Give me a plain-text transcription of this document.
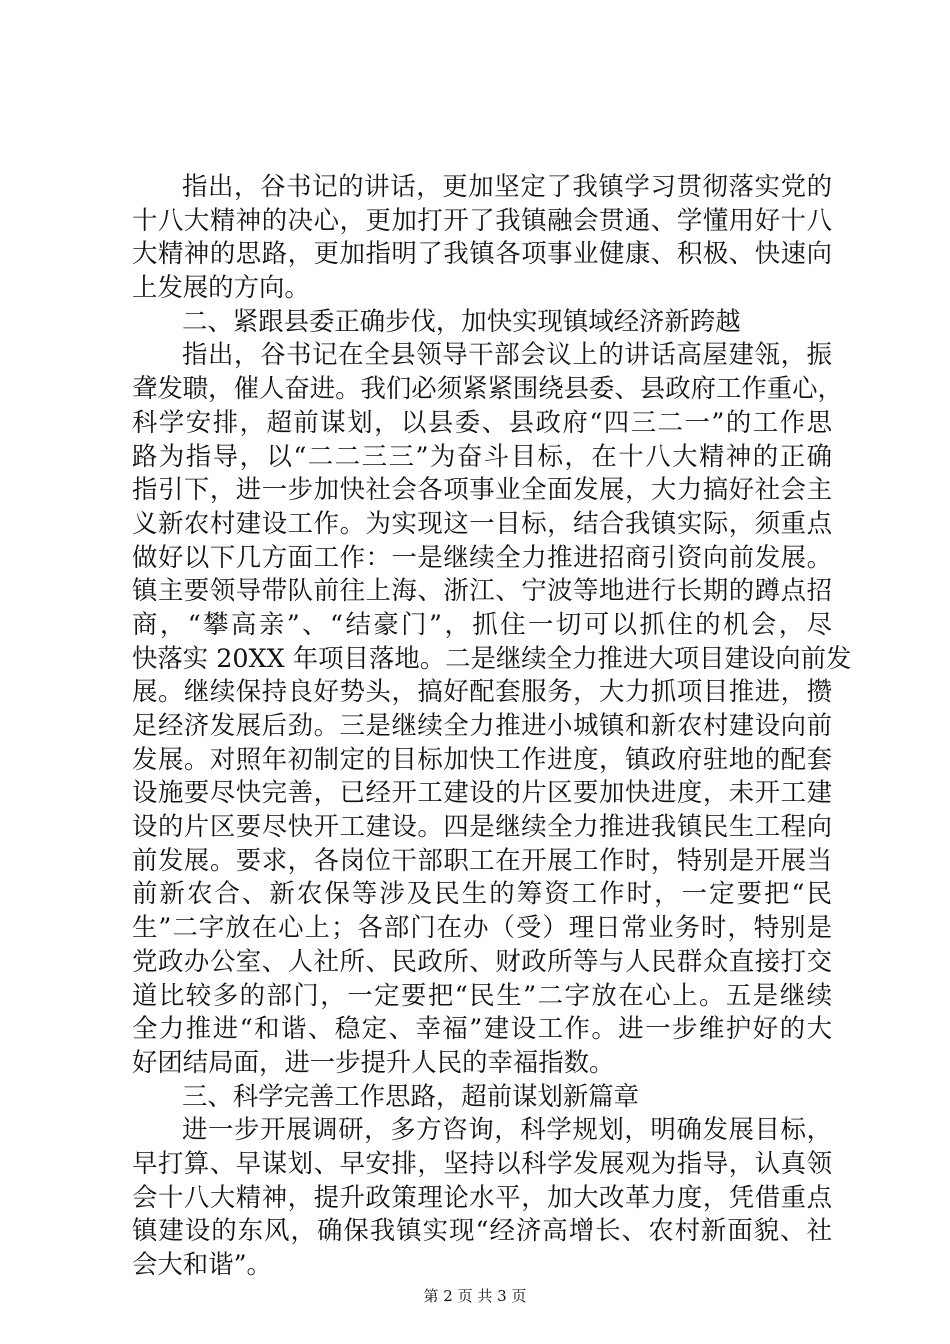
指出，谷书记的讲话，更加坚定了我镇学习贯彻落实党的
十八大精神的决心，更加打开了我镇融会贯通、学懂用好十八
大精神的思路，更加指明了我镇各项事业健康、积极、快速向
上发展的方向。
二、紧跟县委正确步伐，加快实现镇域经济新跨越
指出，谷书记在全县领导干部会议上的讲话高屋建瓴，振
聋发聩，催人奋进。我们必须紧紧围绕县委、县政府工作重心，
科学安排，超前谋划，以县委、县政府“四三二一”的工作思
路为指导，以“二二三三”为奋斗目标，在十八大精神的正确
指引下，进一步加快社会各项事业全面发展，大力搞好社会主
义新农村建设工作。为实现这一目标，结合我镇实际，须重点
做好以下几方面工作：一是继续全力推进招商引资向前发展。
镇主要领导带队前往上海、浙江、宁波等地进行长期的蹲点招
商，“攀高亲”、“结豪门”，抓住一切可以抓住的机会，尽
快落实 20XX 年项目落地。二是继续全力推进大项目建设向前发
展。继续保持良好势头，搞好配套服务，大力抓项目推进，攒
足经济发展后劲。三是继续全力推进小城镇和新农村建设向前
发展。对照年初制定的目标加快工作进度，镇政府驻地的配套
设施要尽快完善，已经开工建设的片区要加快进度，未开工建
设的片区要尽快开工建设。四是继续全力推进我镇民生工程向
前发展。要求，各岗位干部职工在开展工作时，特别是开展当
前新农合、新农保等涉及民生的筹资工作时，一定要把“民
生”二字放在心上；各部门在办（受）理日常业务时，特别是
党政办公室、人社所、民政所、财政所等与人民群众直接打交
道比较多的部门，一定要把“民生”二字放在心上。五是继续
全力推进“和谐、稳定、幸福”建设工作。进一步维护好的大
好团结局面，进一步提升人民的幸福指数。
三、科学完善工作思路，超前谋划新篇章
进一步开展调研，多方咨询，科学规划，明确发展目标，
早打算、早谋划、早安排，坚持以科学发展观为指导，认真领
会十八大精神，提升政策理论水平，加大改革力度，凭借重点
镇建设的东风，确保我镇实现“经济高增长、农村新面貌、社
会大和谐”。
第 2 页 共 3 页
